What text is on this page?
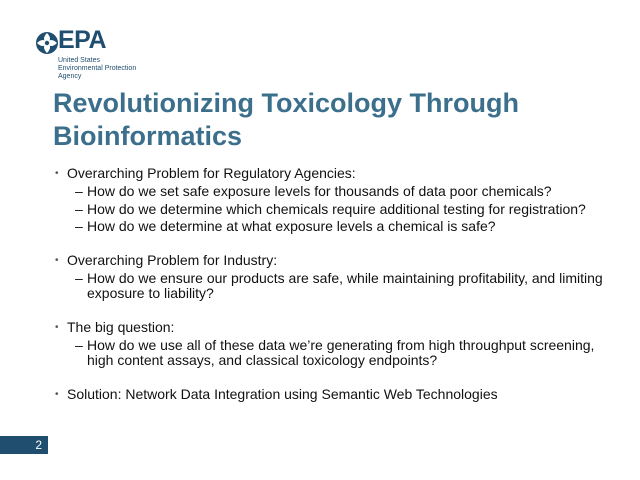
EPA
United States
Environmental Protection
Agency
Revolutionizing Toxicology Through Bioinformatics
• Overarching Problem for Regulatory Agencies:
– How do we set safe exposure levels for thousands of data poor chemicals?
– How do we determine which chemicals require additional testing for registration?
– How do we determine at what exposure levels a chemical is safe?
• Overarching Problem for Industry:
– How do we ensure our products are safe, while maintaining profitability, and limiting exposure to liability?
• The big question:
– How do we use all of these data we’re generating from high throughput screening, high content assays, and classical toxicology endpoints?
• Solution: Network Data Integration using Semantic Web Technologies
2
